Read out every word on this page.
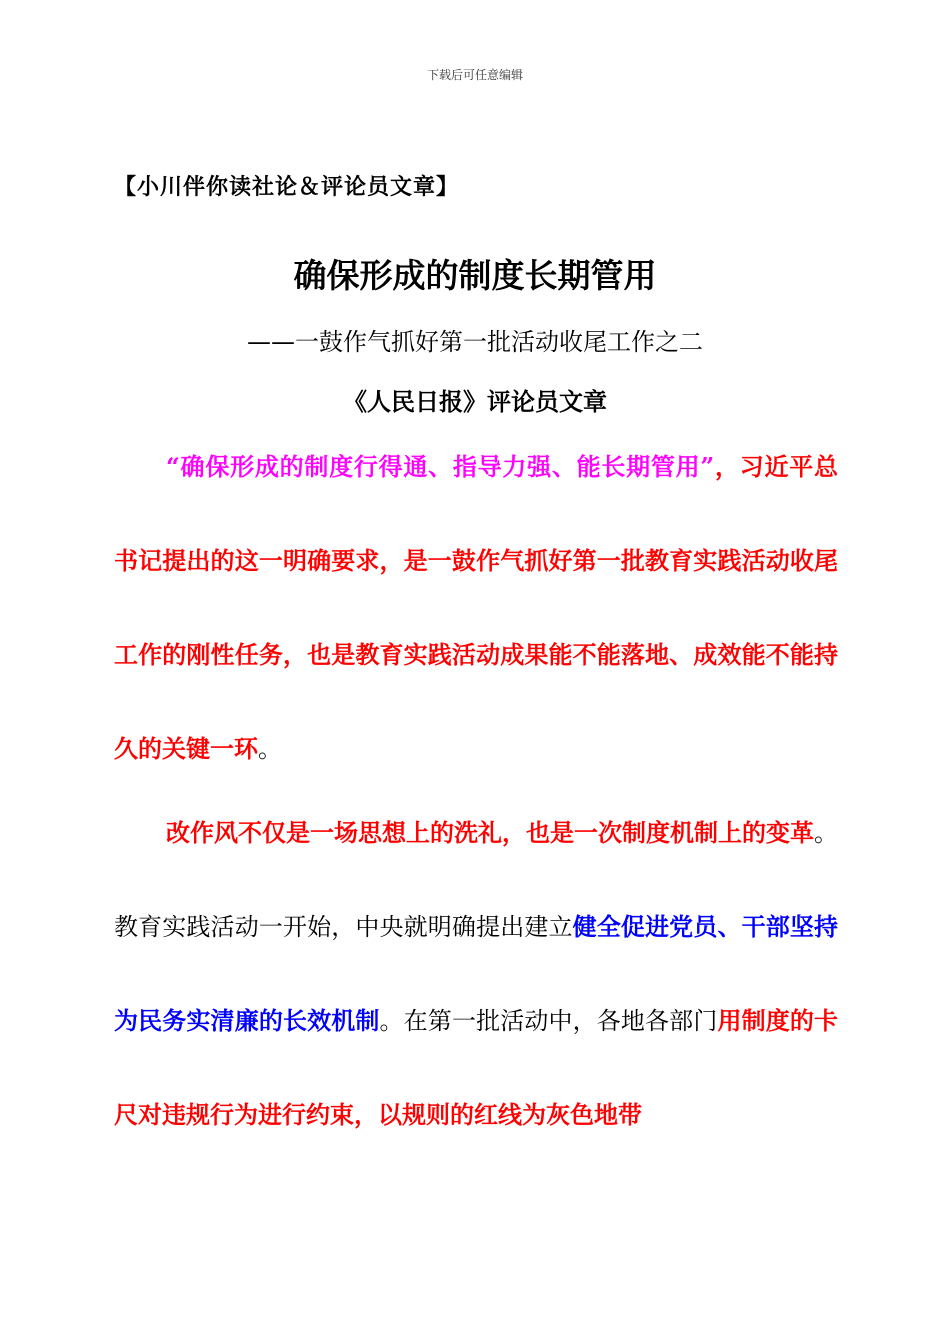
下载后可任意编辑
【小川伴你读社论＆评论员文章】
确保形成的制度长期管用
——一鼓作气抓好第一批活动收尾工作之二
《人民日报》评论员文章
“确保形成的制度行得通、指导力强、能长期管用”，习近平总书记提出的这一明确要求，是一鼓作气抓好第一批教育实践活动收尾工作的刚性任务，也是教育实践活动成果能不能落地、成效能不能持久的关键一环。
改作风不仅是一场思想上的洗礼，也是一次制度机制上的变革。教育实践活动一开始，中央就明确提出建立健全促进党员、干部坚持为民务实清廉的长效机制。在第一批活动中，各地各部门用制度的卡尺对违规行为进行约束，以规则的红线为灰色地带
